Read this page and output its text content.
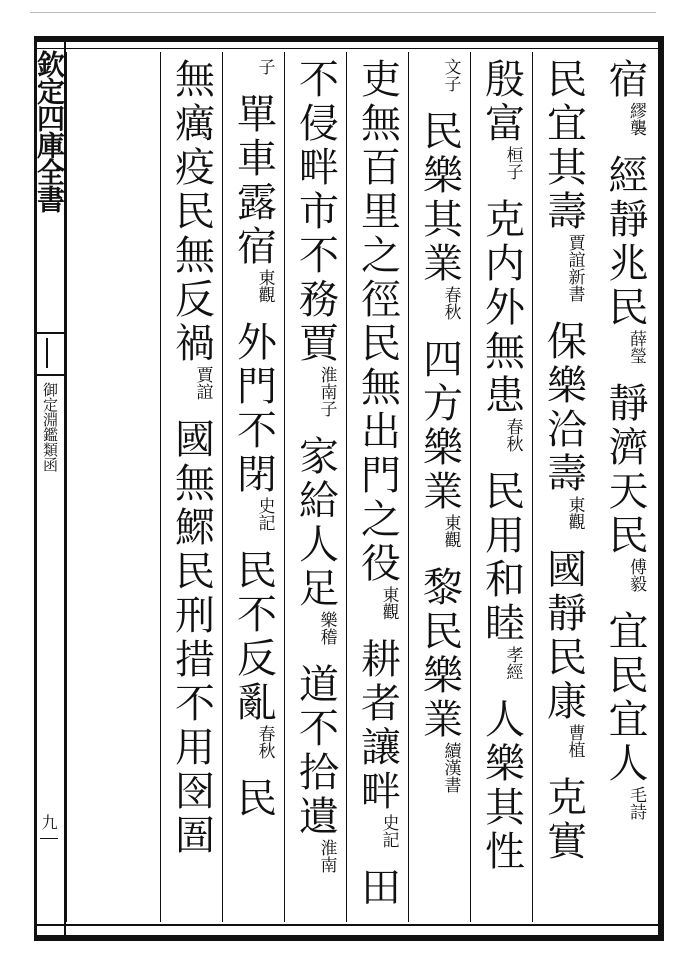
欽定四庫全書
御定淵鑑類函
九
宿繆襲經靜兆民薛瑩靜濟天民傅毅宜民宜人毛詩
民宜其壽賈誼新書保樂洽壽東觀國靜民康曹植克實
殷富桓子克内外無患春秋民用和睦孝經人樂其性
文子民樂其業春秋四方樂業東觀黎民樂業續漢書
吏無百里之徑民無出門之役東觀耕者讓畔史記田
不侵畔市不務賈淮南子家給人足樂稽道不拾遺淮南
子單車露宿東觀外門不閉史記民不反亂春秋民
無癘疫民無反禍賈誼國無鰥民刑措不用囹圄
